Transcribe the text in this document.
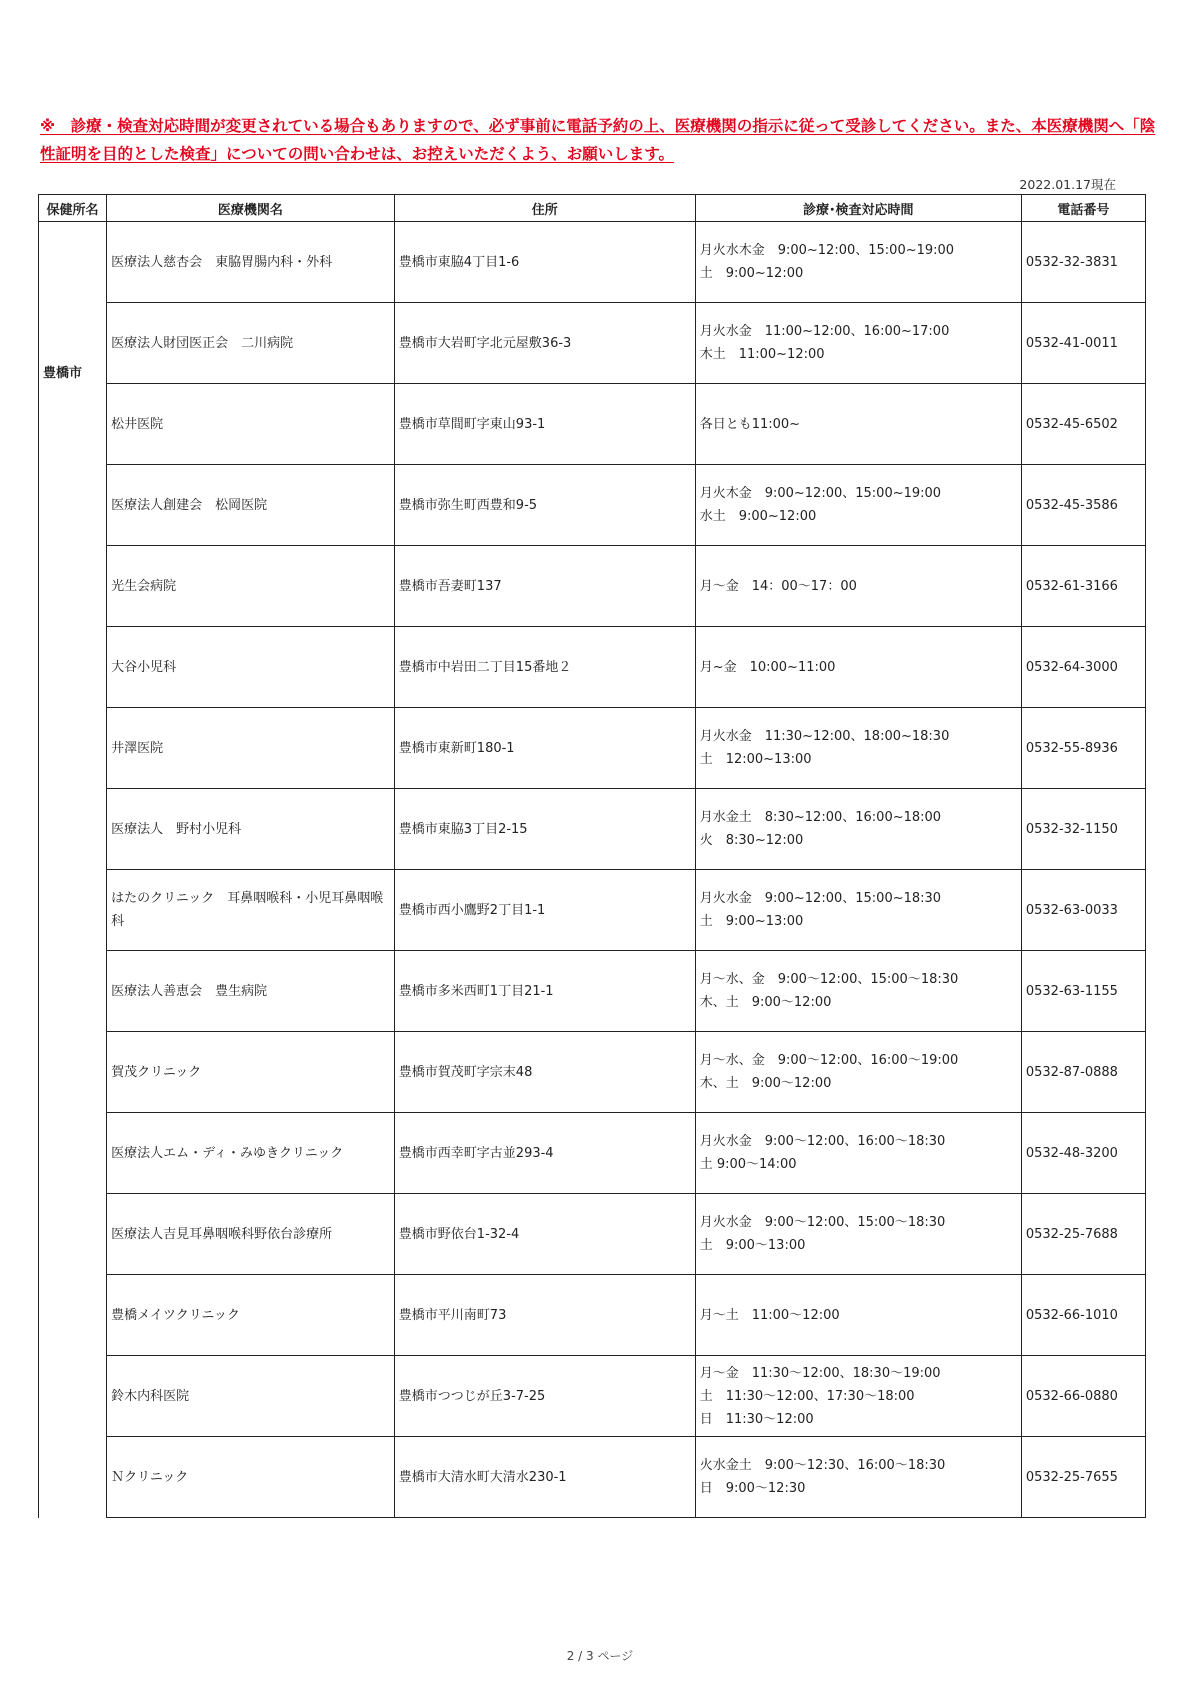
※　診療・検査対応時間が変更されている場合もありますので、必ず事前に電話予約の上、医療機関の指示に従って受診してください。また、本医療機関へ「陰性証明を目的とした検査」についての問い合わせは、お控えいただくよう、お願いします。
2022.01.17現在
保健所名	医療機関名	住所	診療･検査対応時間	電話番号
豊橋市	医療法人慈杏会　東脇胃腸内科・外科	豊橋市東脇4丁目1-6	月火水木金　9:00~12:00、15:00~19:00
土　9:00~12:00	0532-32-3831
	医療法人財団医正会　二川病院	豊橋市大岩町字北元屋敷36-3	月火水金　11:00~12:00、16:00~17:00
木土　11:00~12:00	0532-41-0011
	松井医院	豊橋市草間町字東山93-1	各日とも11:00~	0532-45-6502
	医療法人創建会　松岡医院	豊橋市弥生町西豊和9-5	月火木金　9:00~12:00、15:00~19:00
水土　9:00~12:00	0532-45-3586
	光生会病院	豊橋市吾妻町137	月～金　14：00～17：00	0532-61-3166
	大谷小児科	豊橋市中岩田二丁目15番地２	月~金　10:00~11:00	0532-64-3000
	井澤医院	豊橋市東新町180-1	月火水金　11:30~12:00、18:00~18:30
土　12:00~13:00	0532-55-8936
	医療法人　野村小児科	豊橋市東脇3丁目2-15	月水金土　8:30~12:00、16:00~18:00
火　8:30~12:00	0532-32-1150
	はたのクリニック　耳鼻咽喉科・小児耳鼻咽喉科	豊橋市西小鷹野2丁目1-1	月火水金　9:00~12:00、15:00~18:30
土　9:00~13:00	0532-63-0033
	医療法人善恵会　豊生病院	豊橋市多米西町1丁目21-1	月～水、金　9:00～12:00、15:00～18:30
木、土　9:00～12:00	0532-63-1155
	賀茂クリニック	豊橋市賀茂町字宗末48	月～水、金　9:00～12:00、16:00～19:00
木、土　9:00～12:00	0532-87-0888
	医療法人エム・ディ・みゆきクリニック	豊橋市西幸町字古並293-4	月火水金　9:00～12:00、16:00～18:30
土 9:00～14:00	0532-48-3200
	医療法人吉見耳鼻咽喉科野依台診療所	豊橋市野依台1-32-4	月火水金　9:00～12:00、15:00～18:30
土　9:00～13:00	0532-25-7688
	豊橋メイツクリニック	豊橋市平川南町73	月～土　11:00～12:00	0532-66-1010
	鈴木内科医院	豊橋市つつじが丘3-7-25	月～金　11:30～12:00、18:30～19:00
土　11:30～12:00、17:30～18:00
日　11:30～12:00	0532-66-0880
	Ｎクリニック	豊橋市大清水町大清水230-1	火水金土　9:00～12:30、16:00～18:30
日　9:00～12:30	0532-25-7655
2 / 3 ページ
